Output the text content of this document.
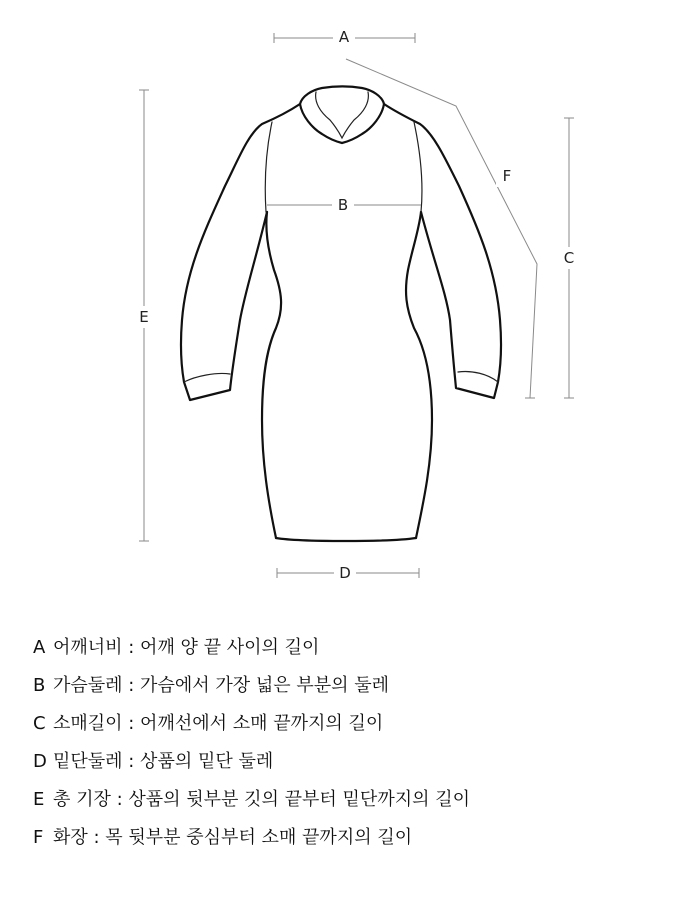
A
B
C
D
E
F
A 어깨너비 : 어깨 양 끝 사이의 길이
B 가슴둘레 : 가슴에서 가장 넓은 부분의 둘레
C 소매길이 : 어깨선에서 소매 끝까지의 길이
D 밑단둘레 : 상품의 밑단 둘레
E 총 기장 : 상품의 뒷부분 깃의 끝부터 밑단까지의 길이
F 화장 : 목 뒷부분 중심부터 소매 끝까지의 길이
